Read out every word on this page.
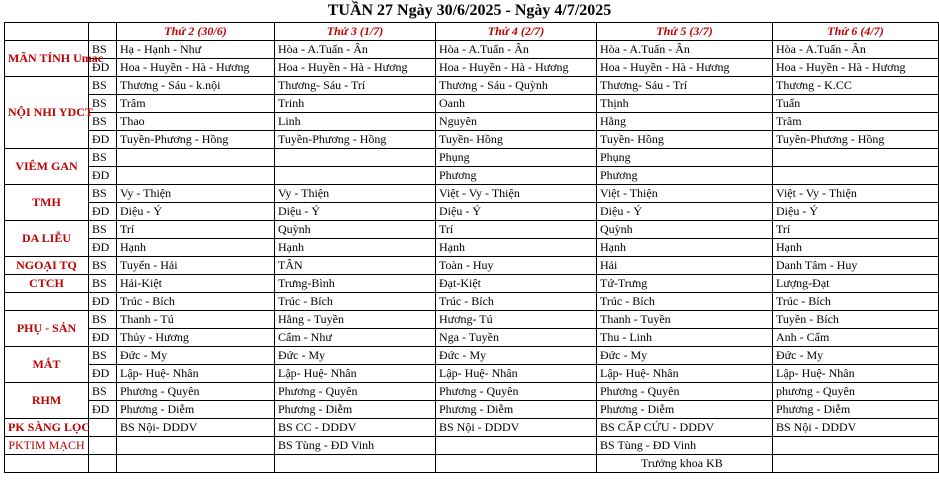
TUẦN 27 Ngày 30/6/2025 - Ngày 4/7/2025
		Thứ 2 (30/6)	Thứ 3 (1/7)	Thứ 4 (2/7)	Thứ 5 (3/7)	Thứ 6 (4/7)
MÃN TÍNH Umac	BS	Hạ - Hạnh - Như	Hòa - A.Tuấn - Ân	Hòa - A.Tuấn - Ân	Hòa - A.Tuấn - Ân	Hòa - A.Tuấn - Ân
	ĐD	Hoa - Huyền - Hà - Hương	Hoa - Huyền - Hà - Hương	Hoa - Huyền - Hà - Hương	Hoa - Huyền - Hà - Hương	Hoa - Huyền - Hà - Hương
NỘI NHI YDCT	BS	Thương - Sáu - k.nội	Thương- Sáu - Trí	Thương - Sáu - Quỳnh	Thương- Sáu - Trí	Thương - K.CC
	BS	Trâm	Trinh	Oanh	Thịnh	Tuấn
	BS	Thao	Linh	Nguyên	Hằng	Trâm
	ĐD	Tuyền-Phương - Hồng	Tuyền-Phương - Hồng	Tuyền- Hồng	Tuyền- Hồng	Tuyền-Phương - Hồng
VIÊM GAN	BS			Phụng	Phụng	
	ĐD			Phương	Phương	
TMH	BS	Vy - Thiện	Vy - Thiện	Việt - Vy - Thiện	Việt - Thiện	Việt - Vy - Thiện
	ĐD	Diệu - Ý	Diệu - Ý	Diệu - Ý	Diệu - Ý	Diệu - Ý
DA LIỄU	BS	Trí	Quỳnh	Trí	Quỳnh	Trí
	ĐD	Hạnh	Hạnh	Hạnh	Hạnh	Hạnh
NGOẠI TQ	BS	Tuyển - Hải	TÂN	Toàn - Huy	Hải	Danh Tâm - Huy
CTCH	BS	Hải-Kiệt	Trưng-Bình	Đạt-Kiệt	Tứ-Trưng	Lượng-Đạt
	ĐD	Trúc - Bích	Trúc - Bích	Trúc - Bích	Trúc - Bích	Trúc - Bích
PHỤ - SẢN	BS	Thanh - Tú	Hằng - Tuyền	Hương- Tú	Thanh - Tuyền	Tuyền - Bích
	ĐD	Thủy - Hương	Cẩm - Như	Nga - Tuyền	Thu - Linh	Anh - Cẩm
MẮT	BS	Đức - My	Đức - My	Đức - My	Đức - My	Đức - My
	ĐD	Lập- Huệ- Nhân	Lập- Huệ- Nhân	Lập- Huệ- Nhân	Lập- Huệ- Nhân	Lập- Huệ- Nhân
RHM	BS	Phương - Quyên	Phương - Quyên	Phương - Quyên	Phương - Quyên	phương - Quyên
	ĐD	Phương - Diễm	Phương - Diễm	Phương - Diễm	Phương - Diễm	Phương - Diễm
PK SÀNG LỌC		BS Nội- DDDV	BS CC - DDDV	BS Nội - DDDV	BS CẤP CỨU - DDDV	BS Nội - DDDV
PKTIM MẠCH			BS Tùng - ĐD Vinh		BS Tùng - ĐD Vinh	
					Trưởng khoa KB	
